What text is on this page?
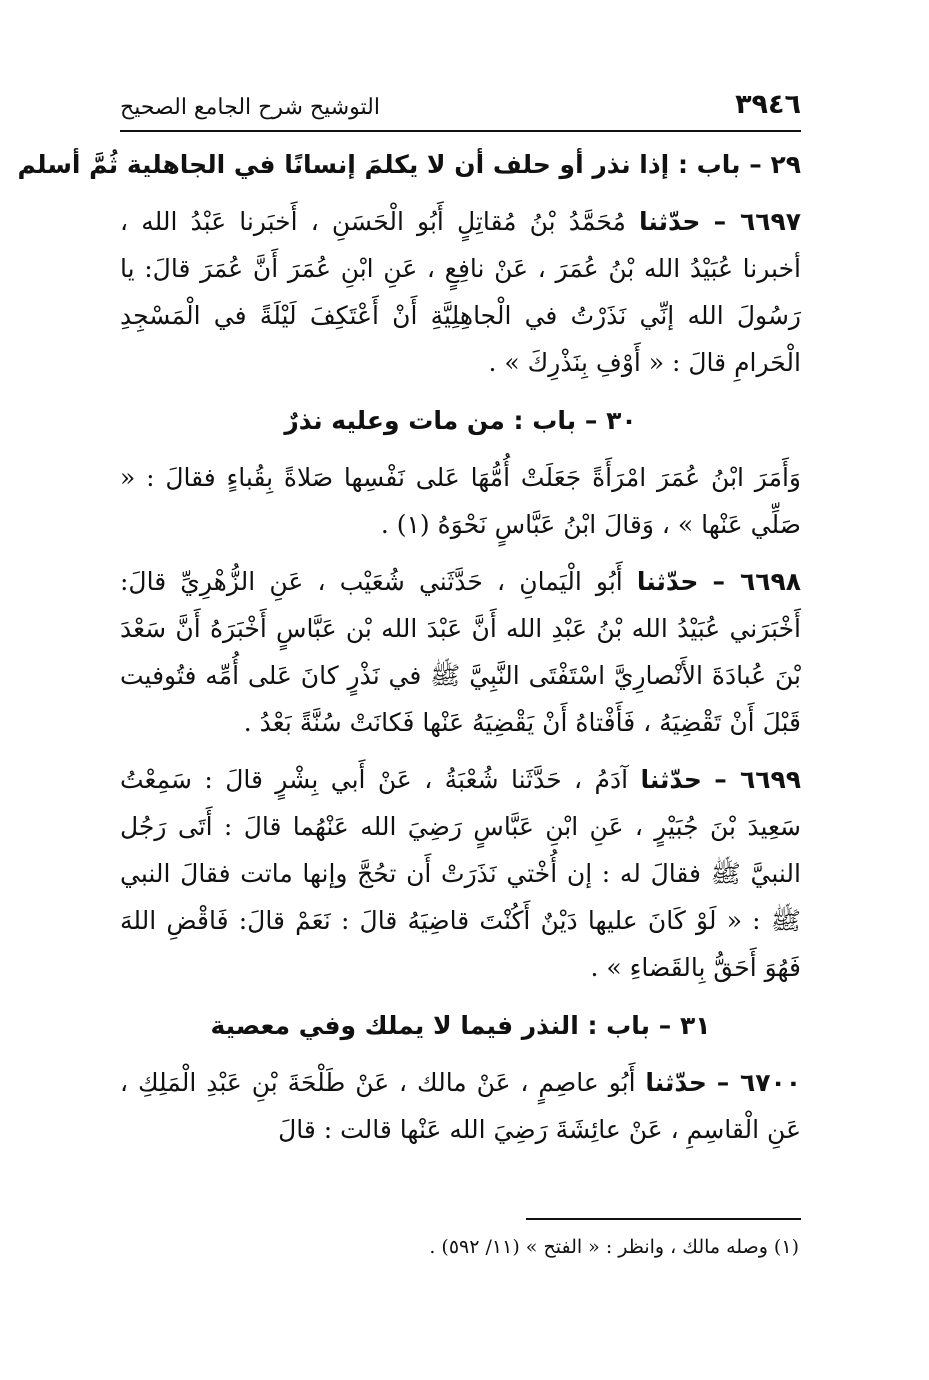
٣٩٤٦
التوشيح شرح الجامع الصحيح
٢٩ – باب : إذا نذر أو حلف أن لا يكلمَ إنسانًا في الجاهلية ثُمَّ أسلم
٦٦٩٧ – حدّثنا مُحَمَّدُ بْنُ مُقاتِلٍ أَبُو الْحَسَنِ ، أَخبَرنا عَبْدُ الله ، أخبرنا عُبَيْدُ الله بْنُ عُمَرَ ، عَنْ نافِعٍ ، عَنِ ابْنِ عُمَرَ أَنَّ عُمَرَ قالَ: يا رَسُولَ الله إنِّي نَذَرْتُ في الْجاهِلِيَّةِ أَنْ أَعْتَكِفَ لَيْلَةً في الْمَسْجِدِ الْحَرامِ قالَ : « أَوْفِ بِنَذْرِكَ » .
٣٠ – باب : من مات وعليه نذرٌ
وَأَمَرَ ابْنُ عُمَرَ امْرَأَةً جَعَلَتْ أُمُّهَا عَلى نَفْسِها صَلاةً بِقُباءٍ فقالَ : « صَلِّي عَنْها » ، وَقالَ ابْنُ عَبَّاسٍ نَحْوَهُ (١) .
٦٦٩٨ – حدّثنا أَبُو الْيَمانِ ، حَدَّثَني شُعَيْب ، عَنِ الزُّهْرِيِّ قالَ: أَخْبَرَني عُبَيْدُ الله بْنُ عَبْدِ الله أَنَّ عَبْدَ الله بْن عَبَّاسٍ أَخْبَرَهُ أَنَّ سَعْدَ بْنَ عُبادَةَ الأَنْصارِيَّ اسْتَفْتَى النَّبِيَّ ﷺ في نَذْرٍ كانَ عَلى أُمِّه فتُوفيت قَبْلَ أَنْ تَقْضِيَهُ ، فَأَفْتاهُ أَنْ يَقْضِيَهُ عَنْها فَكانَتْ سُنَّةً بَعْدُ .
٦٦٩٩ – حدّثنا آدَمُ ، حَدَّثَنا شُعْبَةُ ، عَنْ أَبي بِشْرٍ قالَ : سَمِعْتُ سَعِيدَ بْنَ جُبَيْرٍ ، عَنِ ابْنِ عَبَّاسٍ رَضِيَ الله عَنْهُما قالَ : أَتَى رَجُل النبيَّ ﷺ فقالَ له : إن أُخْتي نَذَرَتْ أَن تحُجَّ وإنها ماتت فقالَ النبي ﷺ : « لَوْ كَانَ عليها دَيْنٌ أَكُنْتَ قاضِيَهُ قالَ : نَعَمْ قالَ: فَاقْضِ اللهَ فَهُوَ أَحَقُّ بِالقَضاءِ » .
٣١ – باب : النذر فيما لا يملك وفي معصية
٦٧٠٠ – حدّثنا أَبُو عاصِمٍ ، عَنْ مالك ، عَنْ طَلْحَةَ بْنِ عَبْدِ الْمَلِكِ ، عَنِ الْقاسِمِ ، عَنْ عائِشَةَ رَضِيَ الله عَنْها قالت : قالَ
(١) وصله مالك ، وانظر : « الفتح » (١١/ ٥٩٢) .
